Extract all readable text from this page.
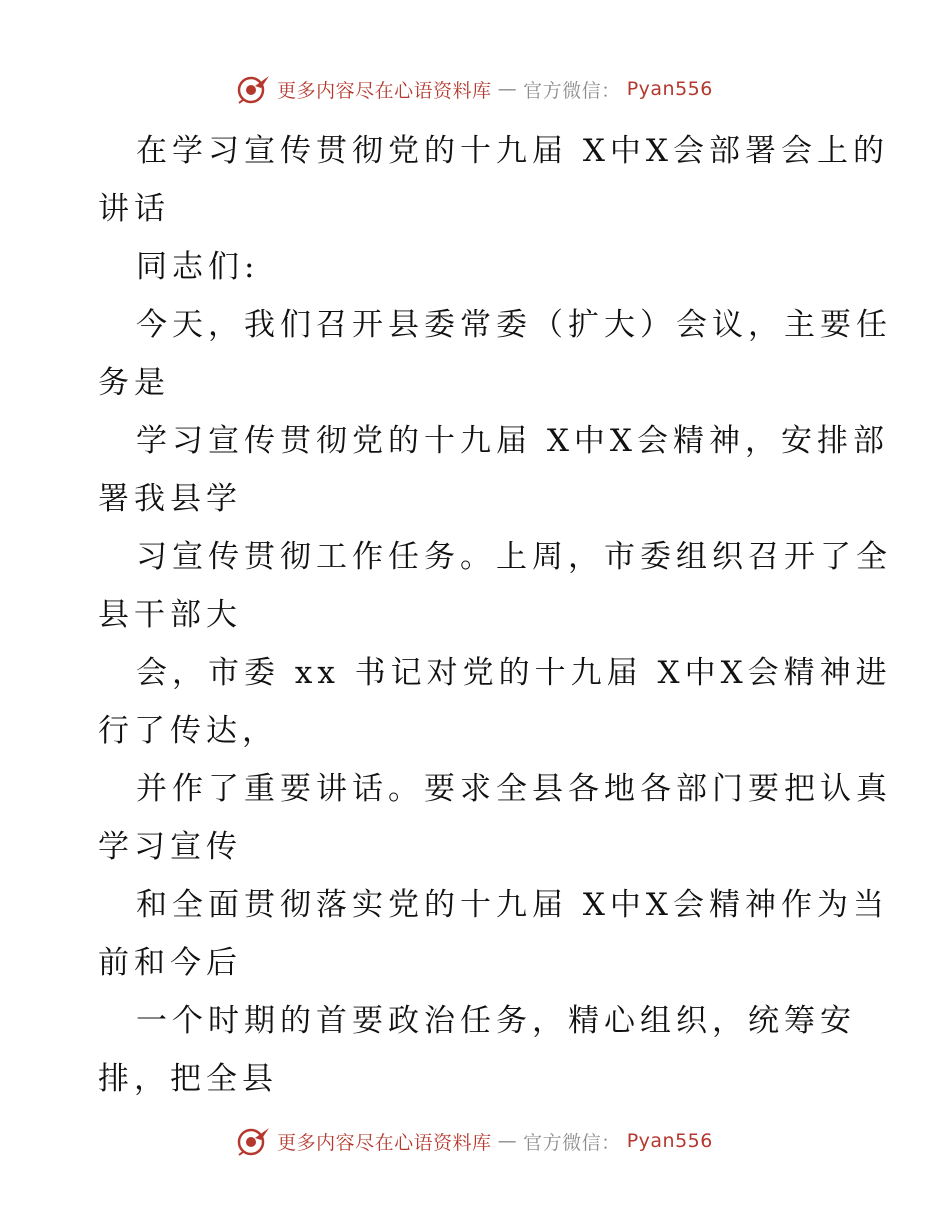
更多内容尽在心语资料库 — 官方微信： Pyan556
在学习宣传贯彻党的十九届 X中X会部署会上的
讲话
同志们:
今天，我们召开县委常委（扩大）会议，主要任
务是
学习宣传贯彻党的十九届 X中X会精神，安排部
署我县学
习宣传贯彻工作任务。上周，市委组织召开了全
县干部大
会，市委 xx 书记对党的十九届 X中X会精神进
行了传达，
并作了重要讲话。要求全县各地各部门要把认真
学习宣传
和全面贯彻落实党的十九届 X中X会精神作为当
前和今后
一个时期的首要政治任务，精心组织，统筹安
排，把全县
更多内容尽在心语资料库 — 官方微信： Pyan556
